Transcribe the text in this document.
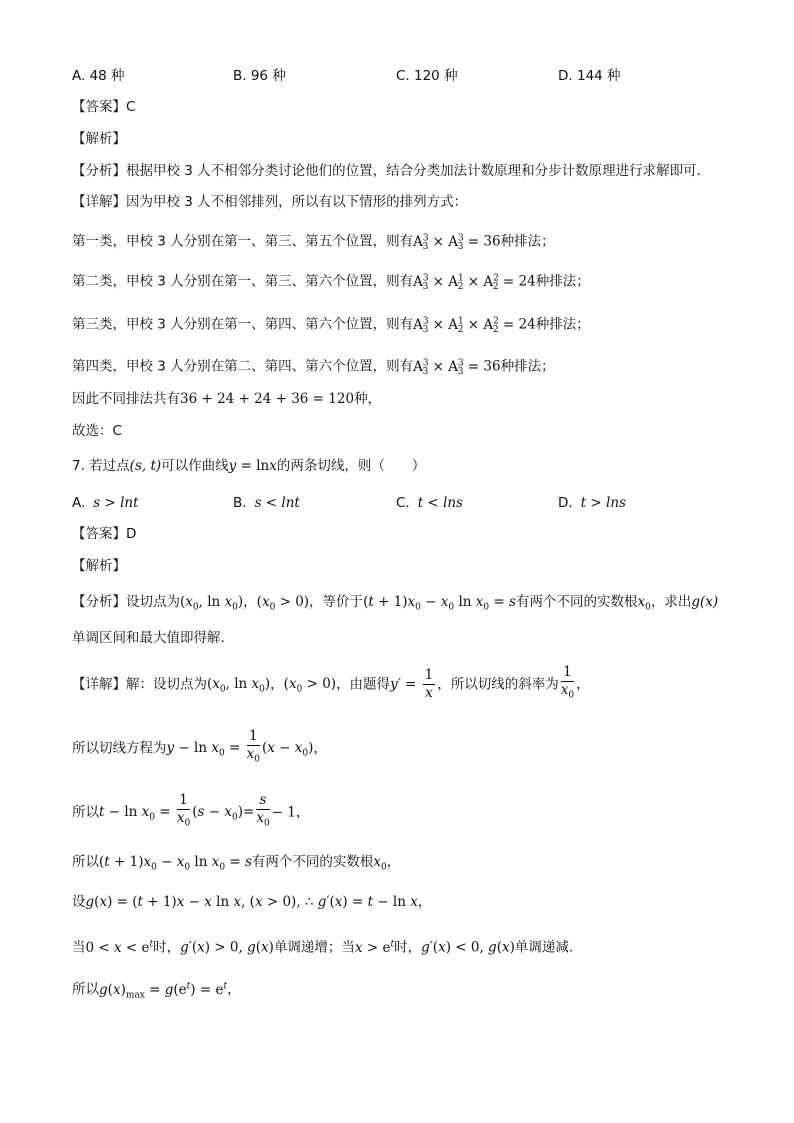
A. 48 种	B. 96 种	C. 120 种	D. 144 种
【答案】C
【解析】
【分析】根据甲校 3 人不相邻分类讨论他们的位置，结合分类加法计数原理和分步计数原理进行求解即可.
【详解】因为甲校 3 人不相邻排列，所以有以下情形的排列方式：
第一类，甲校 3 人分别在第一、第三、第五个位置，则有$A^3_3 \times A^3_3 = 36$种排法；
第二类，甲校 3 人分别在第一、第三、第六个位置，则有$A^3_3 \times A^1_2 \times A^2_2 = 24$种排法；
第三类，甲校 3 人分别在第一、第四、第六个位置，则有$A^3_3 \times A^1_2 \times A^2_2 = 24$种排法；
第四类，甲校 3 人分别在第二、第四、第六个位置，则有$A^3_3 \times A^3_3 = 36$种排法；
因此不同排法共有36 + 24 + 24 + 36 = 120种，
故选：C
7. 若过点(s, t)可以作曲线y = lnx的两条切线，则（　　）
A. s > lnt	B. s < lnt	C. t < lns	D. t > lns
【答案】D
【解析】
【分析】设切点为($x_0$, $\ln x_0$)，$(x_0 > 0)$，等价于$(t + 1)x_0 - x_0$ $\ln x_0 = s$有两个不同的实数根$x_0$，求出g(x)
单调区间和最大值即得解.
【详解】解：设切点为($x_0$, $\ln x_0$)，$(x_0 > 0)$，由题得$y' = \frac{1}{x}$ ，所以切线的斜率为 $\frac{1}{x_0}$ ，
所以切线方程为$y - \ln x_0 = \frac{1}{x_0} (x - x_0)$，
所以$t - \ln x_0 = \frac{1}{x_0} (s - x_0)= \frac{s}{x_0} - 1$，
所以$(t + 1)x_0 - x_0$ $\ln x_0 = s$有两个不同的实数根$x_0$，
设g(x) = (t + 1)x − x ln x, (x > 0), ∴ g′(x) = t − ln x，
当$0 < x < e^t$时，g′(x) > 0, g(x)单调递增；当$x > e^t$时，g′(x) < 0, g(x)单调递减.
所以$g(x)_{max} = g(e^t) = e^t$，
